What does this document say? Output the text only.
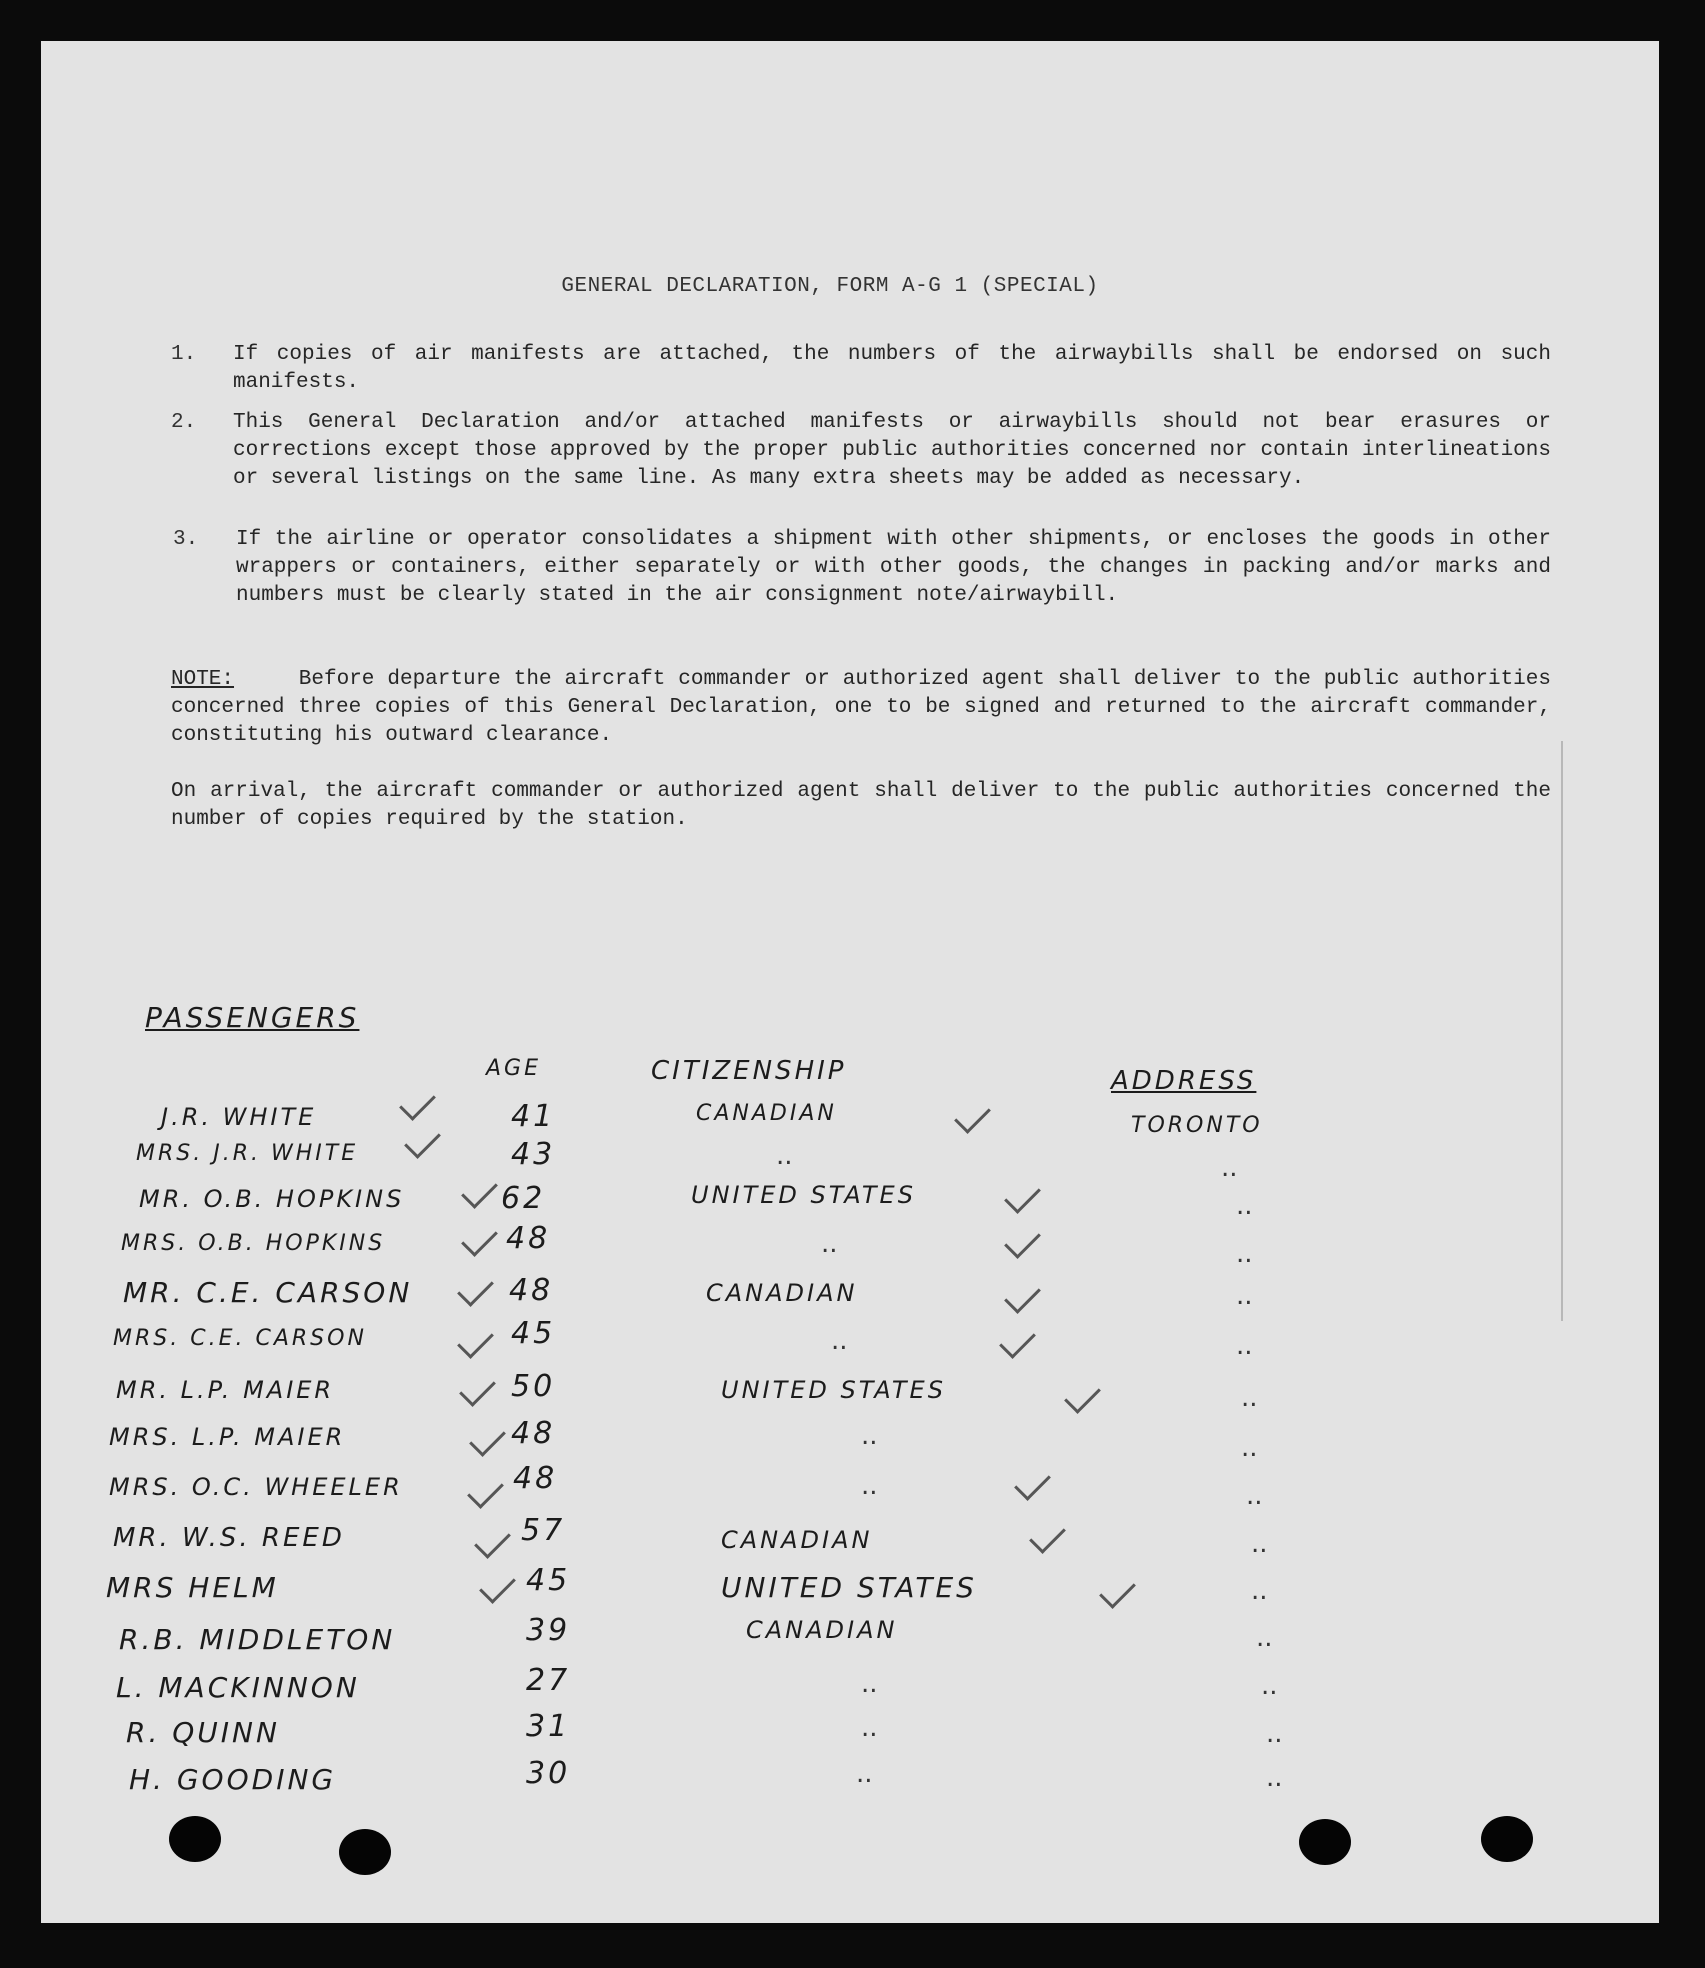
GENERAL DECLARATION, FORM A-G 1 (SPECIAL)
1. If copies of air manifests are attached, the numbers of the airwaybills shall be endorsed on such manifests.
2. This General Declaration and/or attached manifests or airwaybills should not bear erasures or corrections except those approved by the proper public authorities concerned nor contain interlineations or several listings on the same line. As many extra sheets may be added as necessary.
3. If the airline or operator consolidates a shipment with other shipments, or encloses the goods in other wrappers or containers, either separately or with other goods, the changes in packing and/or marks and numbers must be clearly stated in the air consignment note/airwaybill.
NOTE:	Before departure the aircraft commander or authorized agent shall deliver to the public authorities concerned three copies of this General Declaration, one to be signed and returned to the aircraft commander, constituting his outward clearance.
On arrival, the aircraft commander or authorized agent shall deliver to the public authorities concerned the number of copies required by the station.
PASSENGERS
AGE	CITIZENSHIP	ADDRESS
J.R. WHITE	41	CANADIAN	TORONTO
MRS. J.R. WHITE	43	..	..
MR. O.B. HOPKINS	62	UNITED STATES	..
MRS. O.B. HOPKINS	48	..	..
MR. C.E. CARSON	48	CANADIAN	..
MRS. C.E. CARSON	45	..	..
MR. L.P. MAIER	50	UNITED STATES	..
MRS. L.P. MAIER	48	..	..
MRS. O.C. WHEELER	48	..	..
MR. W.S. REED	57	CANADIAN	..
MRS HELM	45	UNITED STATES	..
R.B. MIDDLETON	39	CANADIAN	..
L. MACKINNON	27	..	..
R. QUINN	31	..	..
H. GOODING	30	..	..
